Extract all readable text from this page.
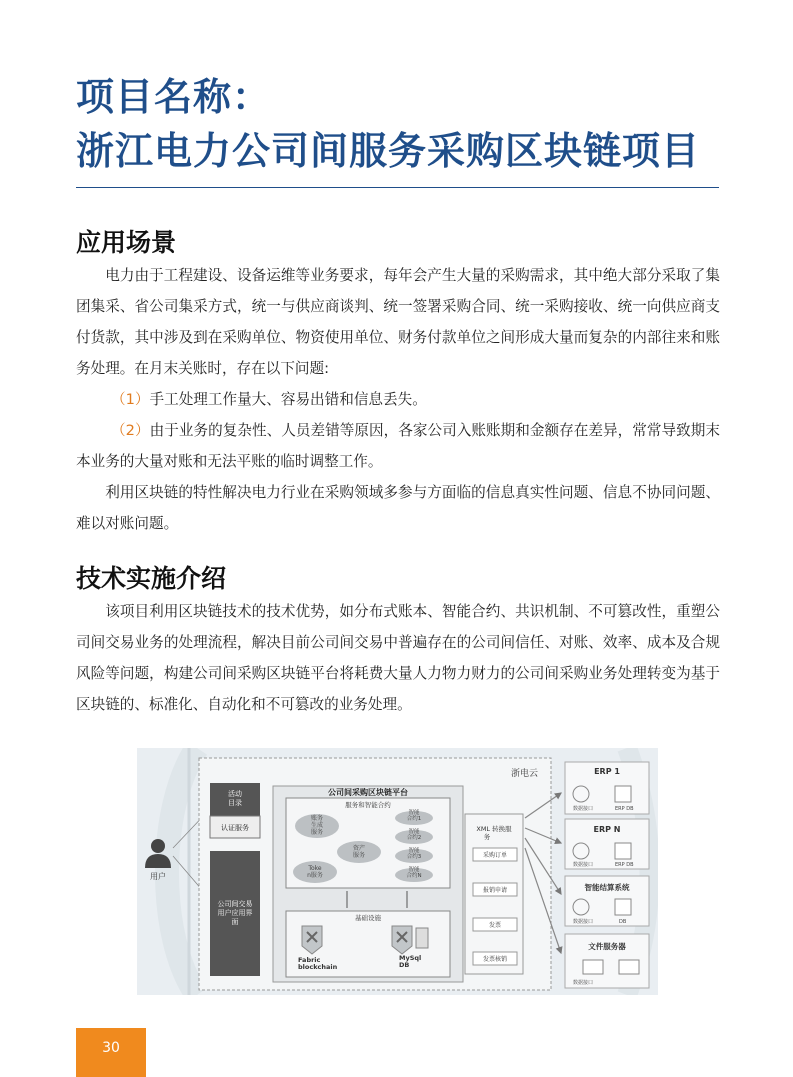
项目名称：
浙江电力公司间服务采购区块链项目
应用场景

电力由于工程建设、设备运维等业务要求，每年会产生大量的采购需求，其中绝大部分采取了集团集采、省公司集采方式，统一与供应商谈判、统一签署采购合同、统一采购接收、统一向供应商支付货款，其中涉及到在采购单位、物资使用单位、财务付款单位之间形成大量而复杂的内部往来和账务处理。在月末关账时，存在以下问题:

（1）手工处理工作量大、容易出错和信息丢失。

（2）由于业务的复杂性、人员差错等原因，各家公司入账账期和金额存在差异，常常导致期末本业务的大量对账和无法平账的临时调整工作。

利用区块链的特性解决电力行业在采购领域多参与方面临的信息真实性问题、信息不协同问题、难以对账问题。

技术实施介绍

该项目利用区块链技术的技术优势，如分布式账本、智能合约、共识机制、不可篡改性，重塑公司间交易业务的处理流程，解决目前公司间交易中普遍存在的公司间信任、对账、效率、成本及合规风险等问题，构建公司间采购区块链平台将耗费大量人力物力财力的公司间采购业务处理转变为基于区块链的、标准化、自动化和不可篡改的业务处理。

用户
浙电云
活动目录
认证服务
公司间交易用户应用界面
公司间采购区块链平台
服务和智能合约
账务生成服务
资产服务
Toke n服务
智能合约1
智能合约2
智能合约3
智能合约N
基础设施
Fabric blockchain
MySql DB
XML 转换服务
采购订单
报销申请
发票
发票核销
ERP 1
数据接口	ERP DB
ERP N
数据接口	ERP DB
智能结算系统
数据接口	DB
文件服务器
数据接口
30
